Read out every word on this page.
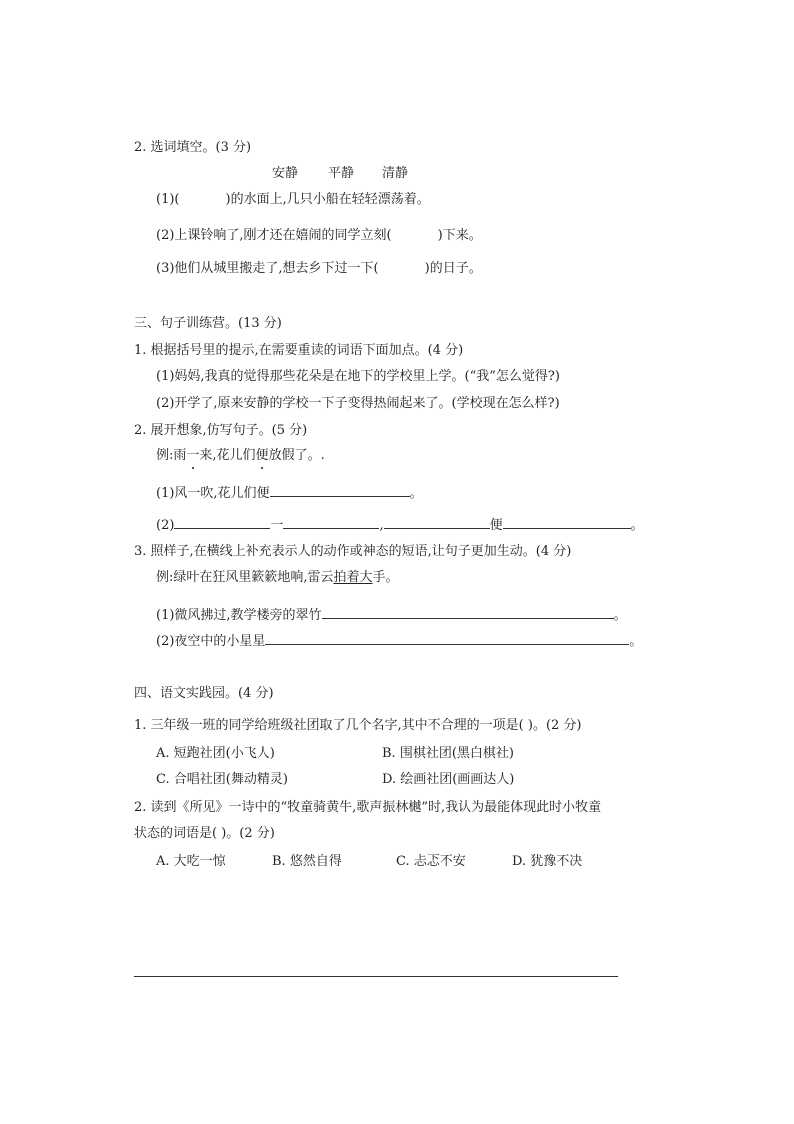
2. 选词填空。(3 分)
安静 平静 清静
(1)(	)的水面上,几只小船在轻轻漂荡着。
(2)上课铃响了,刚才还在嬉闹的同学立刻(	)下来。
(3)他们从城里搬走了,想去乡下过一下(	)的日子。
三、句子训练营。(13 分)
1. 根据括号里的提示,在需要重读的词语下面加点。(4 分)
(1)妈妈,我真的觉得那些花朵是在地下的学校里上学。(“我”怎么觉得?)
(2)开学了,原来安静的学校一下子变得热闹起来了。(学校现在怎么样?)
2. 展开想象,仿写句子。(5 分)
例:雨一来,花儿们便放假了。.
(1)风一吹,花儿们便	。
(2)	一	,	便	。
3. 照样子,在横线上补充表示人的动作或神态的短语,让句子更加生动。(4 分)
例:绿叶在狂风里簌簌地响,雷云拍着大手。
(1)微风拂过,教学楼旁的翠竹	。
(2)夜空中的小星星	。
四、语文实践园。(4 分)
1. 三年级一班的同学给班级社团取了几个名字,其中不合理的一项是( )。(2 分)
A. 短跑社团(小飞人)	B. 围棋社团(黑白棋社)
C. 合唱社团(舞动精灵)	D. 绘画社团(画画达人)
2. 读到《所见》一诗中的“牧童骑黄牛,歌声振林樾”时,我认为最能体现此时小牧童
状态的词语是( )。(2 分)
A. 大吃一惊	B. 悠然自得	C. 忐忑不安	D. 犹豫不决
